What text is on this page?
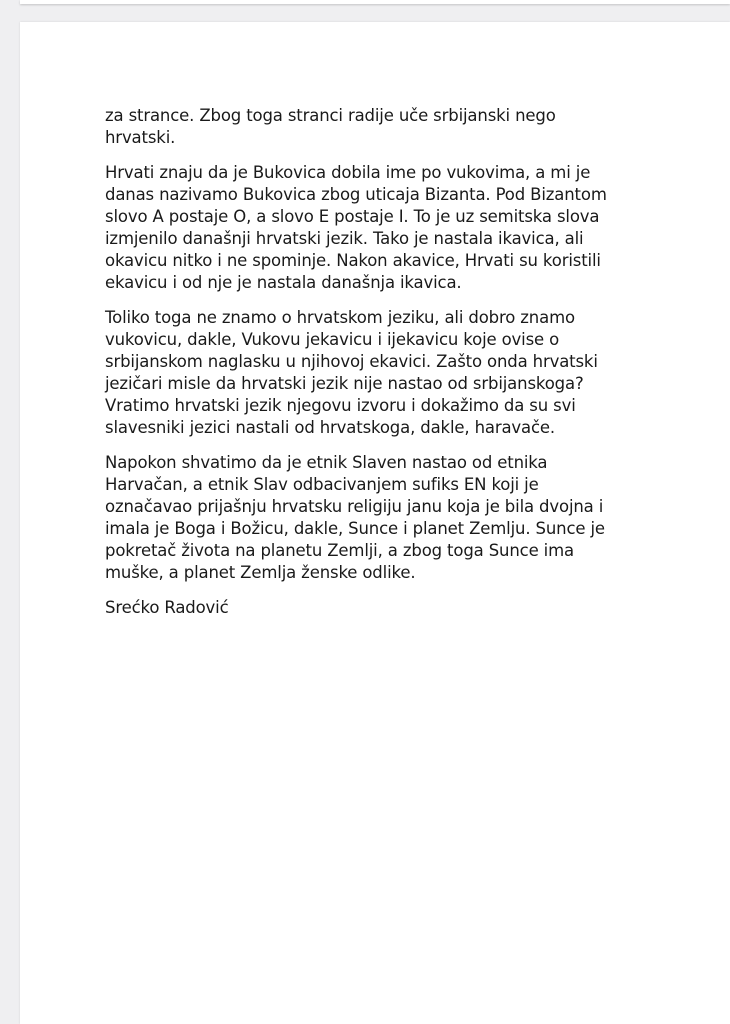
za strance. Zbog toga stranci radije uče srbijanski nego
hrvatski.

Hrvati znaju da je Bukovica dobila ime po vukovima, a mi je
danas nazivamo Bukovica zbog uticaja Bizanta. Pod Bizantom
slovo A postaje O, a slovo E postaje I. To je uz semitska slova
izmjenilo današnji hrvatski jezik. Tako je nastala ikavica, ali
okavicu nitko i ne spominje. Nakon akavice, Hrvati su koristili
ekavicu i od nje je nastala današnja ikavica.

Toliko toga ne znamo o hrvatskom jeziku, ali dobro znamo
vukovicu, dakle, Vukovu jekavicu i ijekavicu koje ovise o
srbijanskom naglasku u njihovoj ekavici. Zašto onda hrvatski
jezičari misle da hrvatski jezik nije nastao od srbijanskoga?
Vratimo hrvatski jezik njegovu izvoru i dokažimo da su svi
slavesniki jezici nastali od hrvatskoga, dakle, haravače.

Napokon shvatimo da je etnik Slaven nastao od etnika
Harvačan, a etnik Slav odbacivanjem sufiks EN koji je
označavao prijašnju hrvatsku religiju janu koja je bila dvojna i
imala je Boga i Božicu, dakle, Sunce i planet Zemlju. Sunce je
pokretač života na planetu Zemlji, a zbog toga Sunce ima
muške, a planet Zemlja ženske odlike.

Srećko Radović
